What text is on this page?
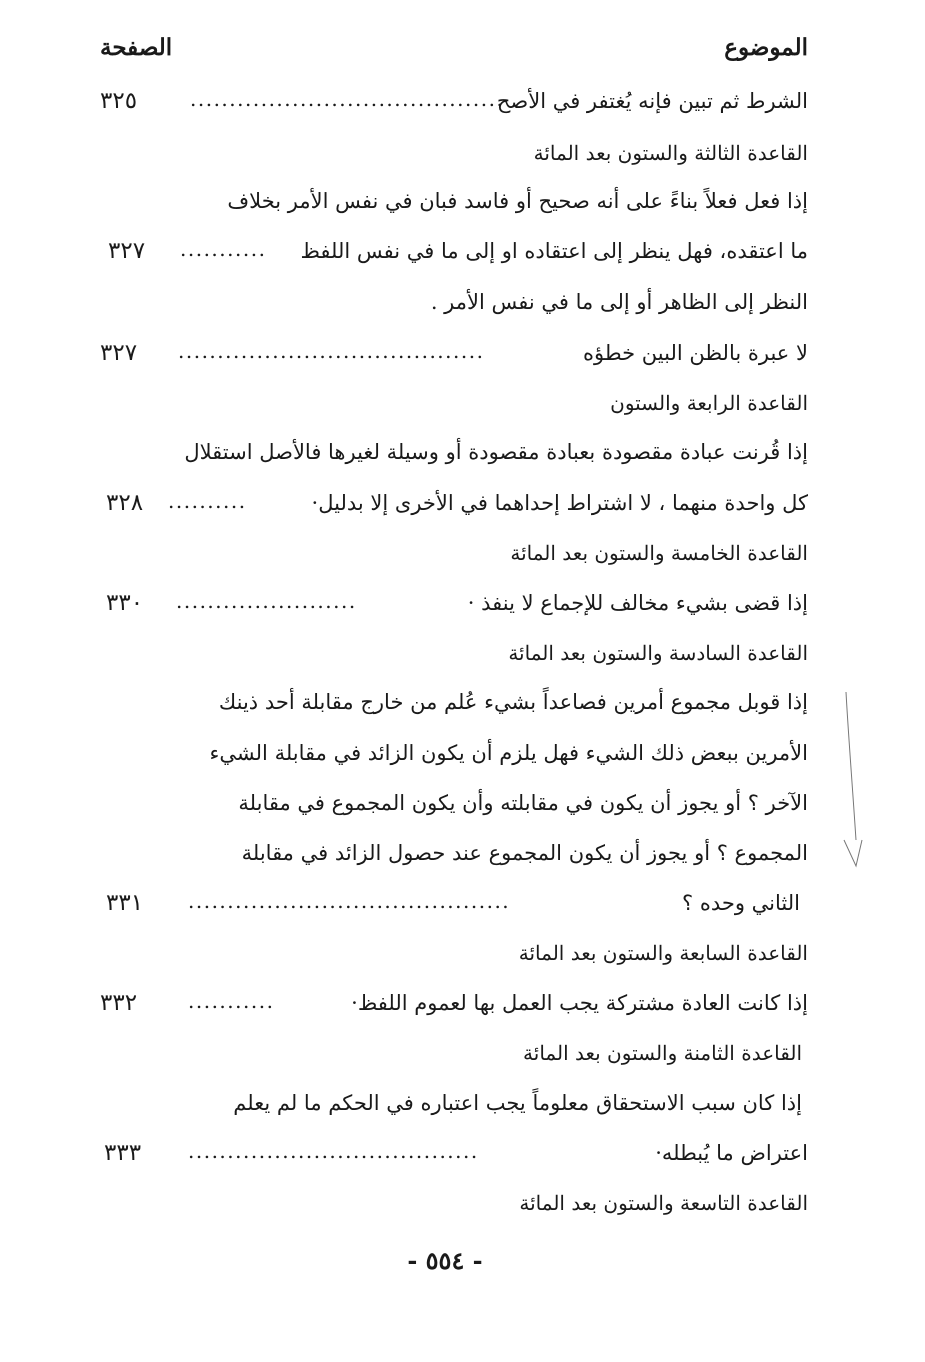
الموضوع
الصفحة
الشرط ثم تبين فإنه يُغتفر في الأصح
........................................
٣٢٥
القاعدة الثالثة والستون بعد المائة
إذا فعل فعلاً بناءً على أنه صحيح أو فاسد فبان في نفس الأمر بخلاف
ما اعتقده، فهل ينظر إلى اعتقاده او إلى ما في نفس اللفظ
...........
٣٢٧
النظر إلى الظاهر أو إلى ما في نفس الأمر .
لا عبرة بالظن البين خطؤه
.......................................
٣٢٧
القاعدة الرابعة والستون
إذا قُرنت عبادة مقصودة بعبادة مقصودة أو وسيلة لغيرها فالأصل استقلال
كل واحدة منهما ، لا اشتراط إحداهما في الأخرى إلا بدليل·
..........
٣٢٨
القاعدة الخامسة والستون بعد المائة
إذا قضى بشيء مخالف للإجماع لا ينفذ ·
.......................
٣٣٠
القاعدة السادسة والستون بعد المائة
إذا قوبل مجموع أمرين فصاعداً بشيء عُلم من خارج مقابلة أحد ذينك
الأمرين ببعض ذلك الشيء فهل يلزم أن يكون الزائد في مقابلة الشيء
الآخر ؟ أو يجوز أن يكون في مقابلته وأن يكون المجموع في مقابلة
المجموع ؟ أو يجوز أن يكون المجموع عند حصول الزائد في مقابلة
الثاني وحده ؟
.........................................
٣٣١
القاعدة السابعة والستون بعد المائة
إذا كانت العادة مشتركة يجب العمل بها لعموم اللفظ·
...........
٣٣٢
القاعدة الثامنة والستون بعد المائة
إذا كان سبب الاستحقاق معلوماً يجب اعتباره في الحكم ما لم يعلم
اعتراض ما يُبطله·
.....................................
٣٣٣
القاعدة التاسعة والستون بعد المائة
- ٥٥٤ -
